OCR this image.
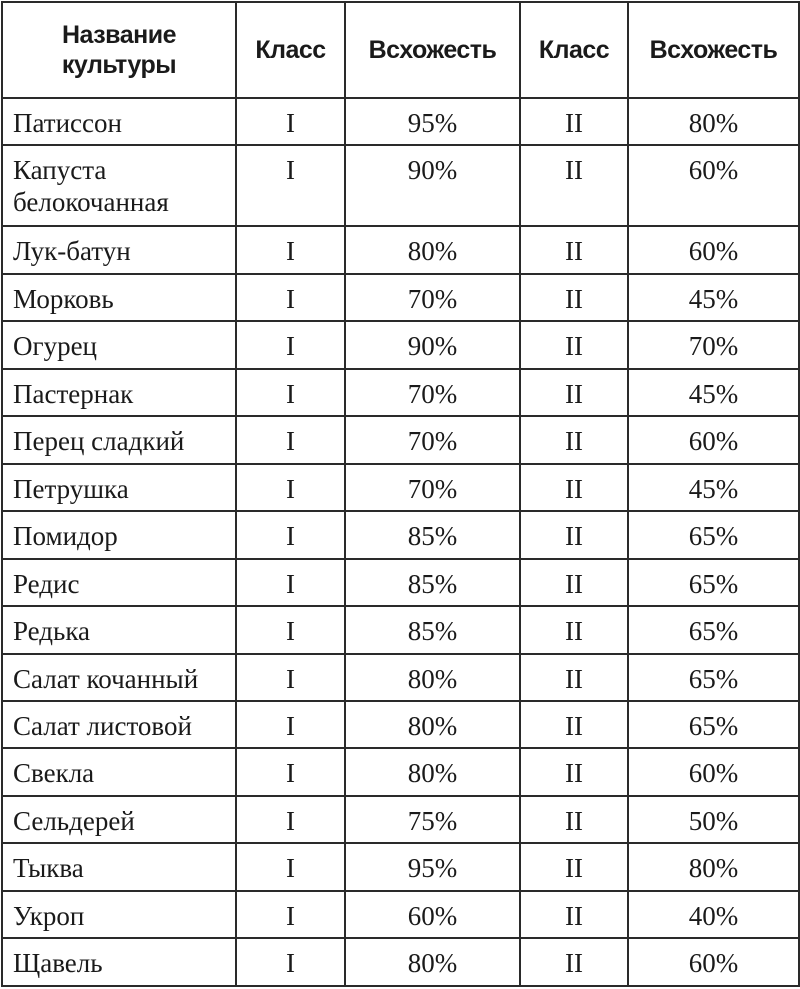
Название культуры	Класс	Всхожесть	Класс	Всхожесть
Патиссон	I	95%	II	80%
Капуста белокочанная	I	90%	II	60%
Лук-батун	I	80%	II	60%
Морковь	I	70%	II	45%
Огурец	I	90%	II	70%
Пастернак	I	70%	II	45%
Перец сладкий	I	70%	II	60%
Петрушка	I	70%	II	45%
Помидор	I	85%	II	65%
Редис	I	85%	II	65%
Редька	I	85%	II	65%
Салат кочанный	I	80%	II	65%
Салат листовой	I	80%	II	65%
Свекла	I	80%	II	60%
Сельдерей	I	75%	II	50%
Тыква	I	95%	II	80%
Укроп	I	60%	II	40%
Щавель	I	80%	II	60%
